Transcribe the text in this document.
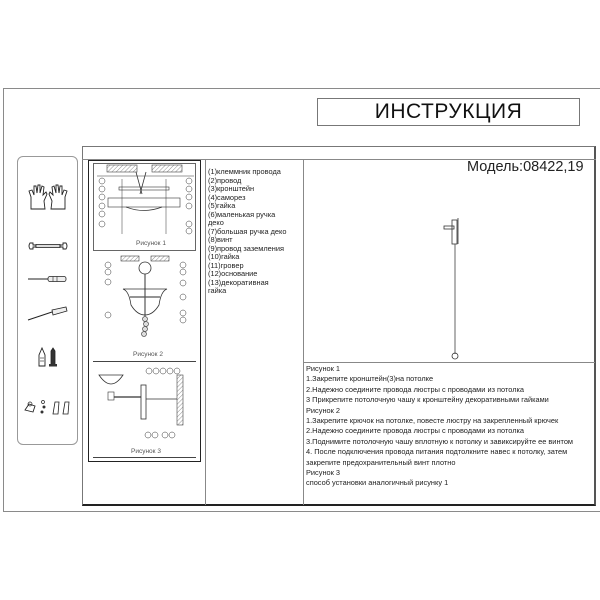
ИНСТРУКЦИЯ
Рисунок 1
Рисунок 2
Рисунок 3
(1)клеммник провода
(2)провод
(3)кронштейн
(4)саморез
(5)гайка
(6)маленькая ручка
деко
(7)большая ручка деко
(8)винт
(9)провод заземления
(10)гайка
(11)гровер
(12)основание
(13)декоративная
гайка
Модель:08422,19
Рисунок 1
1.Закрепите кронштейн(3)на потолке
2.Надежно соедините провода люстры с проводами из потолка
3 Прикрепите потолочную чашу к кронштейну декоративными гайками
Рисунок 2
1.Закрепите крючок на потолке, повесте люстру на закрепленный крючек
2.Надежно соедините провода люстры с проводами из потолка
3.Поднимите потолочную чашу вплотную к потолку и завиксируйте ее винтом
4. После подключения провода питания подтолкните навес к потолку, затем
закрепите предохранительный винт плотно
Рисунок 3
способ установки аналогичный рисунку 1
